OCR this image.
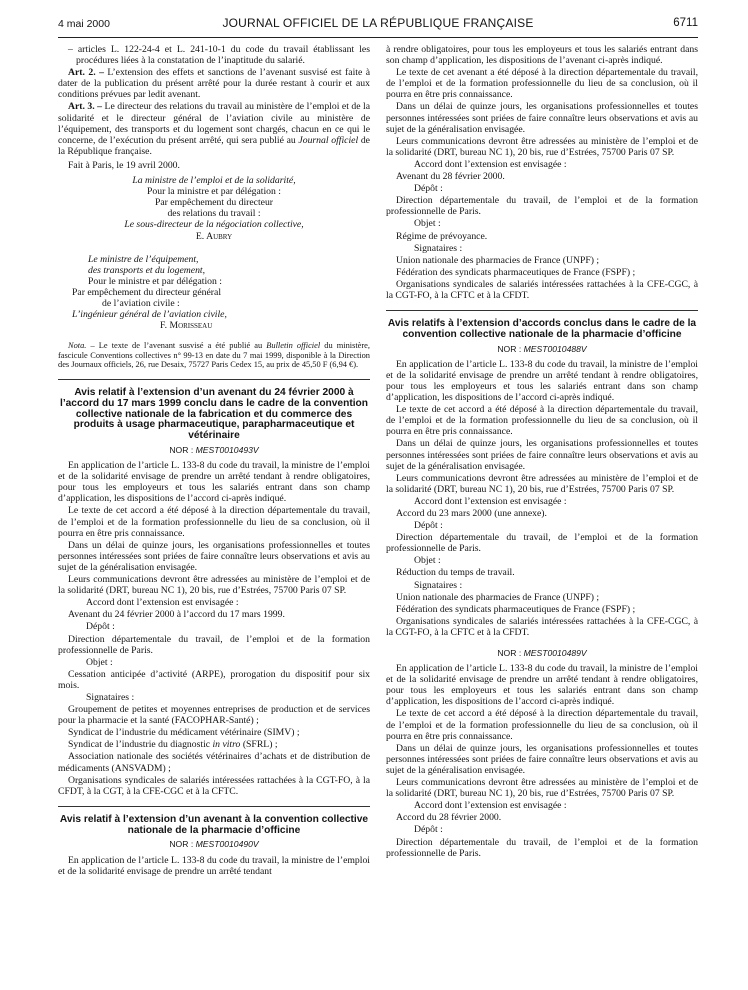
4 mai 2000	JOURNAL OFFICIEL DE LA RÉPUBLIQUE FRANÇAISE	6711

– articles L. 122-24-4 et L. 241-10-1 du code du travail établissant les procédures liées à la constatation de l’inaptitude du salarié.

Art. 2. – L’extension des effets et sanctions de l’avenant susvisé est faite à dater de la publication du présent arrêté pour la durée restant à courir et aux conditions prévues par ledit avenant.

Art. 3. – Le directeur des relations du travail au ministère de l’emploi et de la solidarité et le directeur général de l’aviation civile au ministère de l’équipement, des transports et du logement sont chargés, chacun en ce qui le concerne, de l’exécution du présent arrêté, qui sera publié au Journal officiel de la République française.

Fait à Paris, le 19 avril 2000.

La ministre de l’emploi et de la solidarité,

Pour la ministre et par délégation :

Par empêchement du directeur

des relations du travail :

Le sous-directeur de la négociation collective,

E. Aubry

Le ministre de l’équipement,

des transports et du logement,

Pour le ministre et par délégation :

Par empêchement du directeur général

de l’aviation civile :

L’ingénieur général de l’aviation civile,

F. Morisseau

Nota. – Le texte de l’avenant susvisé a été publié au Bulletin officiel du ministère, fascicule Conventions collectives n° 99-13 en date du 7 mai 1999, disponible à la Direction des Journaux officiels, 26, rue Desaix, 75727 Paris Cedex 15, au prix de 45,50 F (6,94 €).

Avis relatif à l’extension d’un avenant du 24 février 2000 à l’accord du 17 mars 1999 conclu dans le cadre de la convention collective nationale de la fabrication et du commerce des produits à usage pharmaceutique, parapharmaceutique et vétérinaire
NOR : MEST0010493V

En application de l’article L. 133-8 du code du travail, la ministre de l’emploi et de la solidarité envisage de prendre un arrêté tendant à rendre obligatoires, pour tous les employeurs et tous les salariés entrant dans son champ d’application, les dispositions de l’accord ci-après indiqué.

Le texte de cet accord a été déposé à la direction départementale du travail, de l’emploi et de la formation professionnelle du lieu de sa conclusion, où il pourra en être pris connaissance.

Dans un délai de quinze jours, les organisations professionnelles et toutes personnes intéressées sont priées de faire connaître leurs observations et avis au sujet de la généralisation envisagée.

Leurs communications devront être adressées au ministère de l’emploi et de la solidarité (DRT, bureau NC 1), 20 bis, rue d’Estrées, 75700 Paris 07 SP.

Accord dont l’extension est envisagée :

Avenant du 24 février 2000 à l’accord du 17 mars 1999.

Dépôt :

Direction départementale du travail, de l’emploi et de la formation professionnelle de Paris.

Objet :

Cessation anticipée d’activité (ARPE), prorogation du dispositif pour six mois.

Signataires :

Groupement de petites et moyennes entreprises de production et de services pour la pharmacie et la santé (FACOPHAR-Santé) ;

Syndicat de l’industrie du médicament vétérinaire (SIMV) ;

Syndicat de l’industrie du diagnostic in vitro (SFRL) ;

Association nationale des sociétés vétérinaires d’achats et de distribution de médicaments (ANSVADM) ;

Organisations syndicales de salariés intéressées rattachées à la CGT-FO, à la CFDT, à la CGT, à la CFE-CGC et à la CFTC.

Avis relatif à l’extension d’un avenant à la convention collective nationale de la pharmacie d’officine
NOR : MEST0010490V

En application de l’article L. 133-8 du code du travail, la ministre de l’emploi et de la solidarité envisage de prendre un arrêté tendant

à rendre obligatoires, pour tous les employeurs et tous les salariés entrant dans son champ d’application, les dispositions de l’avenant ci-après indiqué.

Le texte de cet avenant a été déposé à la direction départementale du travail, de l’emploi et de la formation professionnelle du lieu de sa conclusion, où il pourra en être pris connaissance.

Dans un délai de quinze jours, les organisations professionnelles et toutes personnes intéressées sont priées de faire connaître leurs observations et avis au sujet de la généralisation envisagée.

Leurs communications devront être adressées au ministère de l’emploi et de la solidarité (DRT, bureau NC 1), 20 bis, rue d’Estrées, 75700 Paris 07 SP.

Accord dont l’extension est envisagée :

Avenant du 28 février 2000.

Dépôt :

Direction départementale du travail, de l’emploi et de la formation professionnelle de Paris.

Objet :

Régime de prévoyance.

Signataires :

Union nationale des pharmacies de France (UNPF) ;

Fédération des syndicats pharmaceutiques de France (FSPF) ;

Organisations syndicales de salariés intéressées rattachées à la CFE-CGC, à la CGT-FO, à la CFTC et à la CFDT.

Avis relatifs à l’extension d’accords conclus dans le cadre de la convention collective nationale de la pharmacie d’officine
NOR : MEST0010488V

En application de l’article L. 133-8 du code du travail, la ministre de l’emploi et de la solidarité envisage de prendre un arrêté tendant à rendre obligatoires, pour tous les employeurs et tous les salariés entrant dans son champ d’application, les dispositions de l’accord ci-après indiqué.

Le texte de cet accord a été déposé à la direction départementale du travail, de l’emploi et de la formation professionnelle du lieu de sa conclusion, où il pourra en être pris connaissance.

Dans un délai de quinze jours, les organisations professionnelles et toutes personnes intéressées sont priées de faire connaître leurs observations et avis au sujet de la généralisation envisagée.

Leurs communications devront être adressées au ministère de l’emploi et de la solidarité (DRT, bureau NC 1), 20 bis, rue d’Estrées, 75700 Paris 07 SP.

Accord dont l’extension est envisagée :

Accord du 23 mars 2000 (une annexe).

Dépôt :

Direction départementale du travail, de l’emploi et de la formation professionnelle de Paris.

Objet :

Réduction du temps de travail.

Signataires :

Union nationale des pharmacies de France (UNPF) ;

Fédération des syndicats pharmaceutiques de France (FSPF) ;

Organisations syndicales de salariés intéressées rattachées à la CFE-CGC, à la CGT-FO, à la CFTC et à la CFDT.

NOR : MEST0010489V

En application de l’article L. 133-8 du code du travail, la ministre de l’emploi et de la solidarité envisage de prendre un arrêté tendant à rendre obligatoires, pour tous les employeurs et tous les salariés entrant dans son champ d’application, les dispositions de l’accord ci-après indiqué.

Le texte de cet accord a été déposé à la direction départementale du travail, de l’emploi et de la formation professionnelle du lieu de sa conclusion, où il pourra en être pris connaissance.

Dans un délai de quinze jours, les organisations professionnelles et toutes personnes intéressées sont priées de faire connaître leurs observations et avis au sujet de la généralisation envisagée.

Leurs communications devront être adressées au ministère de l’emploi et de la solidarité (DRT, bureau NC 1), 20 bis, rue d’Estrées, 75700 Paris 07 SP.

Accord dont l’extension est envisagée :

Accord du 28 février 2000.

Dépôt :

Direction départementale du travail, de l’emploi et de la formation professionnelle de Paris.
